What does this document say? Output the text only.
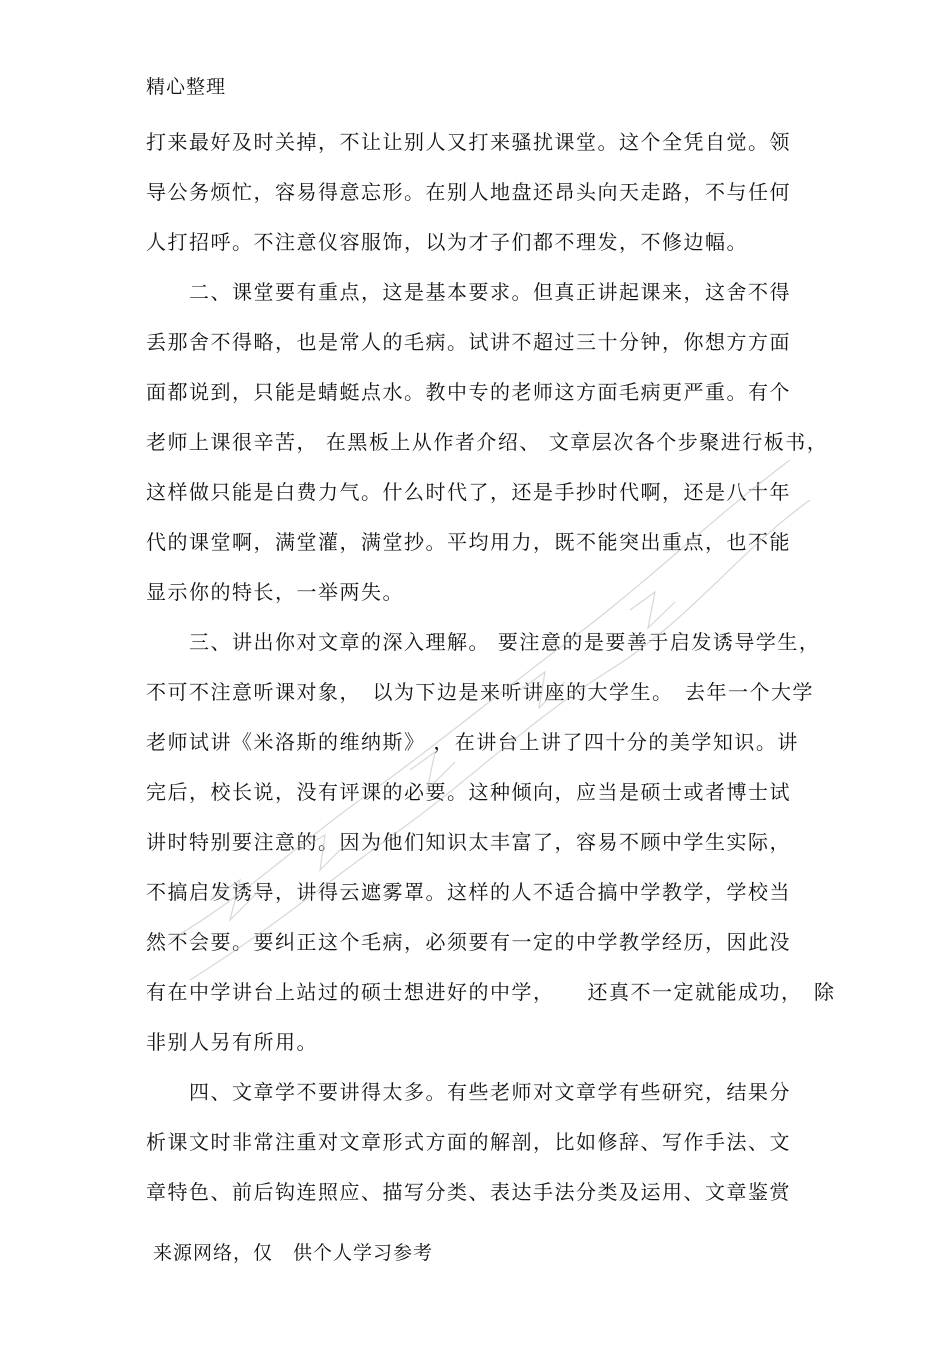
精心整理
打来最好及时关掉，不让让别人又打来骚扰课堂。这个全凭自觉。领
导公务烦忙，容易得意忘形。在别人地盘还昂头向天走路，不与任何
人打招呼。不注意仪容服饰，以为才子们都不理发，不修边幅。
　　二、课堂要有重点，这是基本要求。但真正讲起课来，这舍不得
丢那舍不得略，也是常人的毛病。试讲不超过三十分钟，你想方方面
面都说到，只能是蜻蜓点水。教中专的老师这方面毛病更严重。有个
老师上课很辛苦， 在黑板上从作者介绍、 文章层次各个步聚进行板书，
这样做只能是白费力气。什么时代了，还是手抄时代啊，还是八十年
代的课堂啊，满堂灌，满堂抄。平均用力，既不能突出重点，也不能
显示你的特长，一举两失。
　　三、讲出你对文章的深入理解。 要注意的是要善于启发诱导学生，
不可不注意听课对象，　以为下边是来听讲座的大学生。　去年一个大学
老师试讲《米洛斯的维纳斯》 ，在讲台上讲了四十分的美学知识。讲
完后，校长说，没有评课的必要。这种倾向，应当是硕士或者博士试
讲时特别要注意的。因为他们知识太丰富了，容易不顾中学生实际，
不搞启发诱导，讲得云遮雾罩。这样的人不适合搞中学教学，学校当
然不会要。要纠正这个毛病，必须要有一定的中学教学经历，因此没
有在中学讲台上站过的硕士想进好的中学，　　还真不一定就能成功，　除
非别人另有所用。
　　四、文章学不要讲得太多。有些老师对文章学有些研究，结果分
析课文时非常注重对文章形式方面的解剖，比如修辞、写作手法、文
章特色、前后钩连照应、描写分类、表达手法分类及运用、文章鉴赏
来源网络，仅　供个人学习参考
